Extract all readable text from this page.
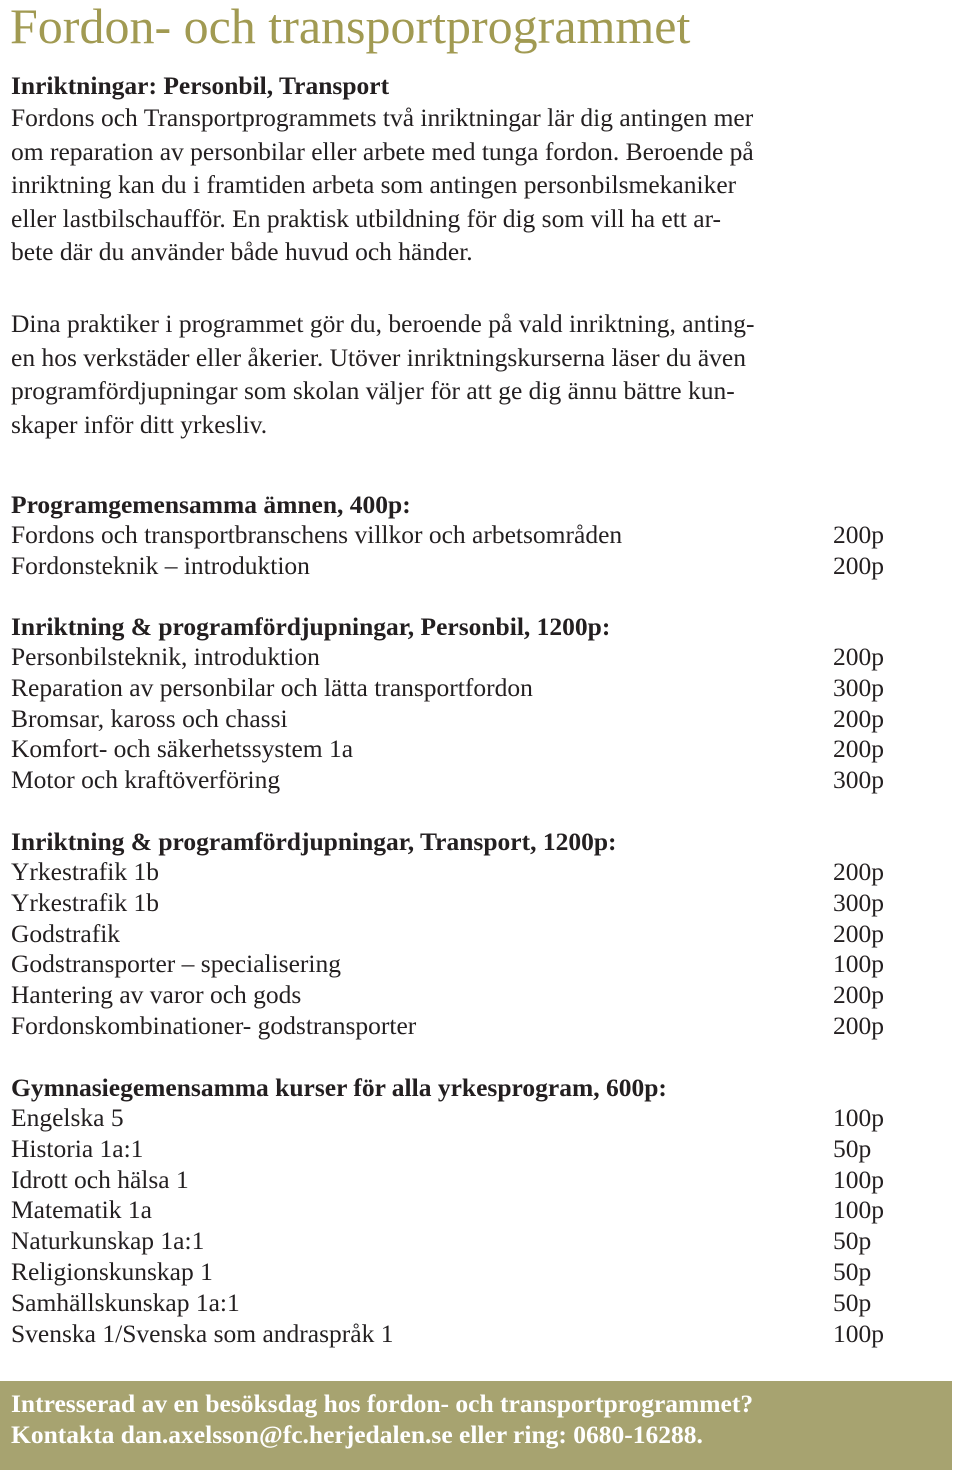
Fordon- och transportprogrammet

Inriktningar: Personbil, Transport

Fordons och Transportprogrammets två inriktningar lär dig antingen mer
om reparation av personbilar eller arbete med tunga fordon. Beroende på
inriktning kan du i framtiden arbeta som antingen personbilsmekaniker
eller lastbilschaufför. En praktisk utbildning för dig som vill ha ett ar-
bete där du använder både huvud och händer.
Dina praktiker i programmet gör du, beroende på vald inriktning, anting-
en hos verkstäder eller åkerier. Utöver inriktningskurserna läser du även
programfördjupningar som skolan väljer för att ge dig ännu bättre kun-
skaper inför ditt yrkesliv.

Programgemensamma ämnen, 400p:

Fordons och transportbranschens villkor och arbetsområden	200p
Fordonsteknik – introduktion	200p

Inriktning & programfördjupningar, Personbil, 1200p:

Personbilsteknik, introduktion	200p
Reparation av personbilar och lätta transportfordon	300p
Bromsar, kaross och chassi	200p
Komfort- och säkerhetssystem 1a	200p
Motor och kraftöverföring	300p

Inriktning & programfördjupningar, Transport, 1200p:

Yrkestrafik 1b	200p
Yrkestrafik 1b	300p
Godstrafik	200p
Godstransporter – specialisering	100p
Hantering av varor och gods	200p
Fordonskombinationer- godstransporter	200p

Gymnasiegemensamma kurser för alla yrkesprogram, 600p:

Engelska 5	100p
Historia 1a:1	50p
Idrott och hälsa 1	100p
Matematik 1a	100p
Naturkunskap 1a:1	50p
Religionskunskap 1	50p
Samhällskunskap 1a:1	50p
Svenska 1/Svenska som andraspråk 1	100p
Intresserad av en besöksdag hos fordon- och transportprogrammet?
Kontakta dan.axelsson@fc.herjedalen.se eller ring: 0680-16288.
